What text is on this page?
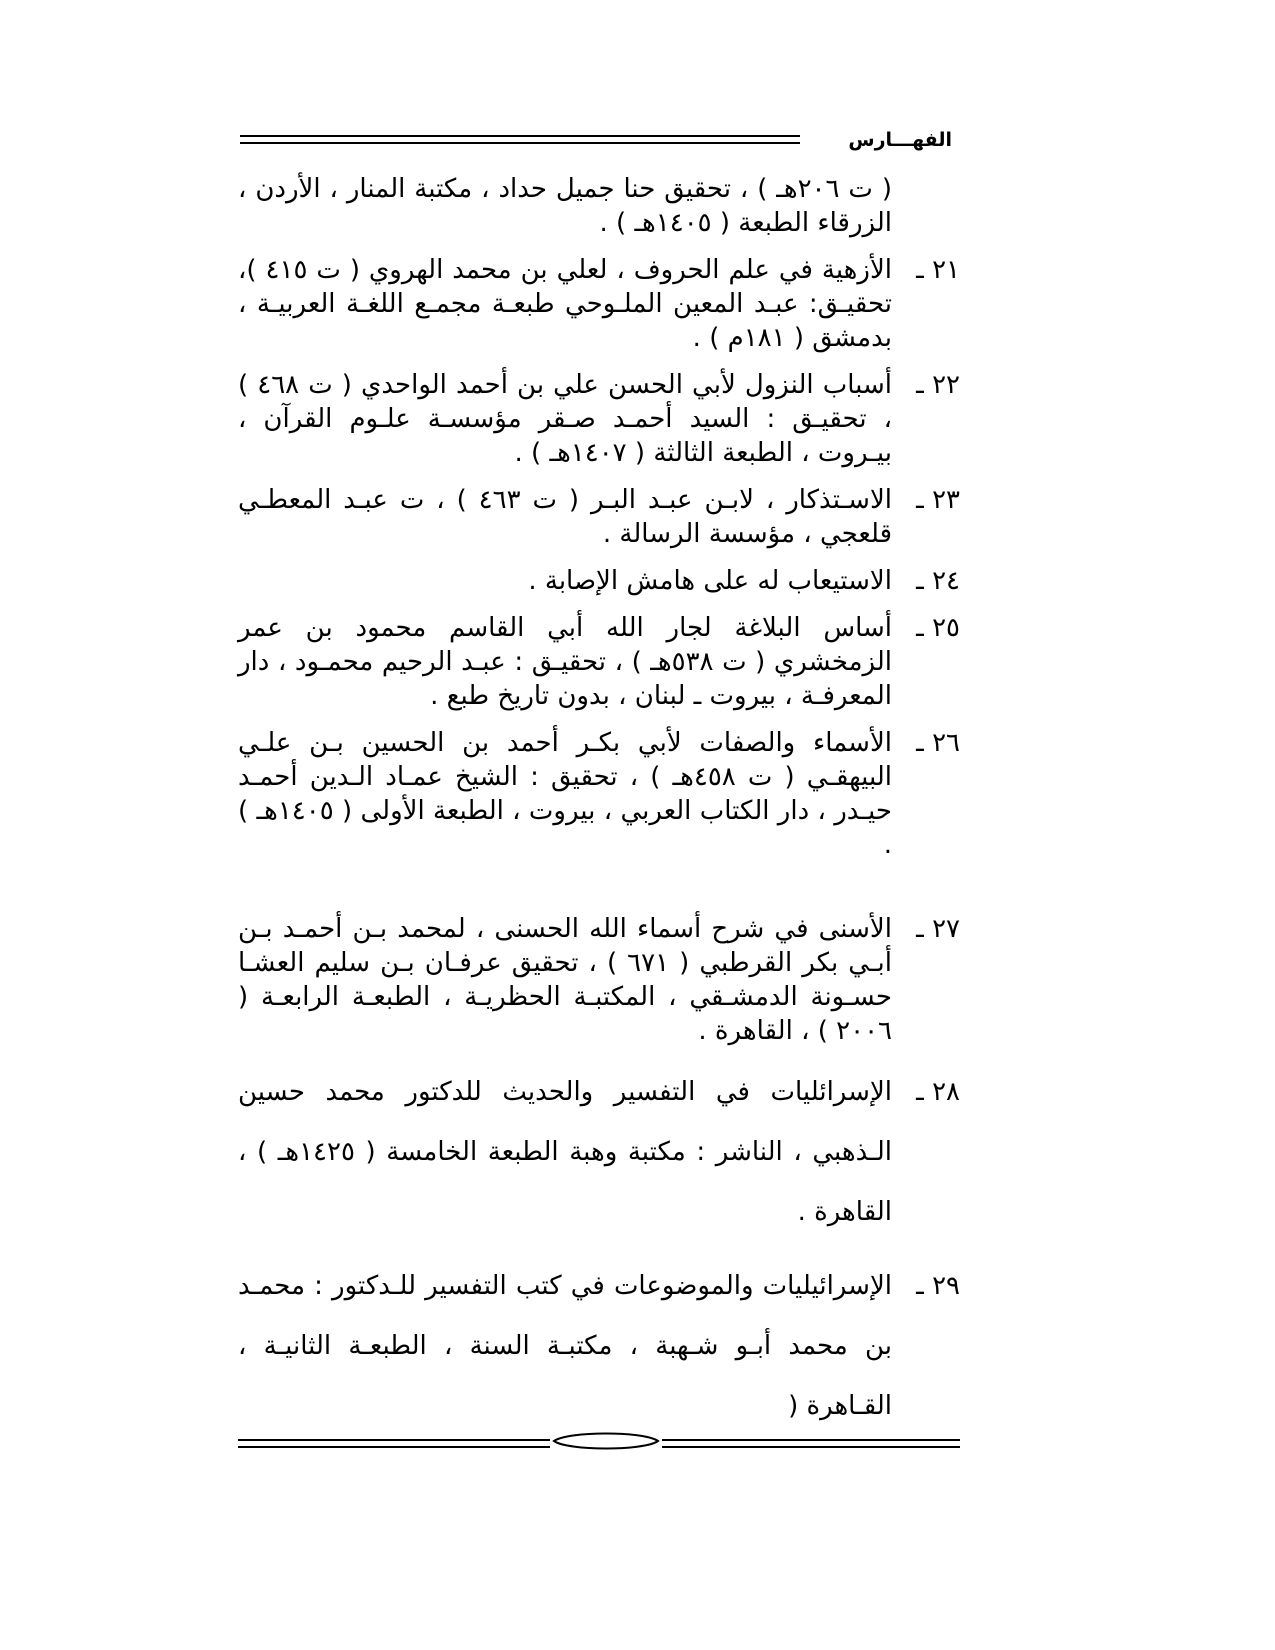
الفهـــارس
( ت ٢٠٦هـ ) ، تحقيق حنا جميل حداد ، مكتبة المنار ، الأردن ، الزرقاء الطبعة ( ١٤٠٥هـ ) .
٢١ ـ
الأزهية في علم الحروف ، لعلي بن محمد الهروي ( ت ٤١٥ )، تحقيـق: عبـد المعين الملـوحي طبعـة مجمـع اللغـة العربيـة ، بدمشق ( ١٨١م ) .
٢٢ ـ
أسباب النزول لأبي الحسن علي بن أحمد الواحدي ( ت ٤٦٨ ) ، تحقيـق : السيد أحمـد صـقر مؤسسـة علـوم القرآن ، بيـروت ، الطبعة الثالثة ( ١٤٠٧هـ ) .
٢٣ ـ
الاسـتذكار ، لابـن عبـد البـر ( ت ٤٦٣ ) ، ت عبـد المعطـي قلعجي ، مؤسسة الرسالة .
٢٤ ـ
الاستيعاب له على هامش الإصابة .
٢٥ ـ
أساس البلاغة لجار الله أبي القاسم محمود بن عمر الزمخشري ( ت ٥٣٨هـ ) ، تحقيـق : عبـد الرحيم محمـود ، دار المعرفـة ، بيروت ـ لبنان ، بدون تاريخ طبع .
٢٦ ـ
الأسماء والصفات لأبي بكـر أحمد بن الحسين بـن علـي البيهقـي ( ت ٤٥٨هـ ) ، تحقيق : الشيخ عمـاد الـدين أحمـد حيـدر ، دار الكتاب العربي ، بيروت ، الطبعة الأولى ( ١٤٠٥هـ ) .
٢٧ ـ
الأسنى في شرح أسماء الله الحسنى ، لمحمد بـن أحمـد بـن أبـي بكر القرطبي ( ٦٧١ ) ، تحقيق عرفـان بـن سليم العشـا حسـونة الدمشـقي ، المكتبـة الحظريـة ، الطبعـة الرابعـة ( ٢٠٠٦ ) ، القاهرة .
٢٨ ـ
الإسرائليات في التفسير والحديث للدكتور محمد حسين الـذهبي ، الناشر : مكتبة وهبة الطبعة الخامسة ( ١٤٢٥هـ ) ، القاهرة .
٢٩ ـ
الإسرائيليات والموضوعات في كتب التفسير للـدكتور : محمـد بن محمد أبـو شـهبة ، مكتبـة السنة ، الطبعـة الثانيـة ، القـاهرة (
